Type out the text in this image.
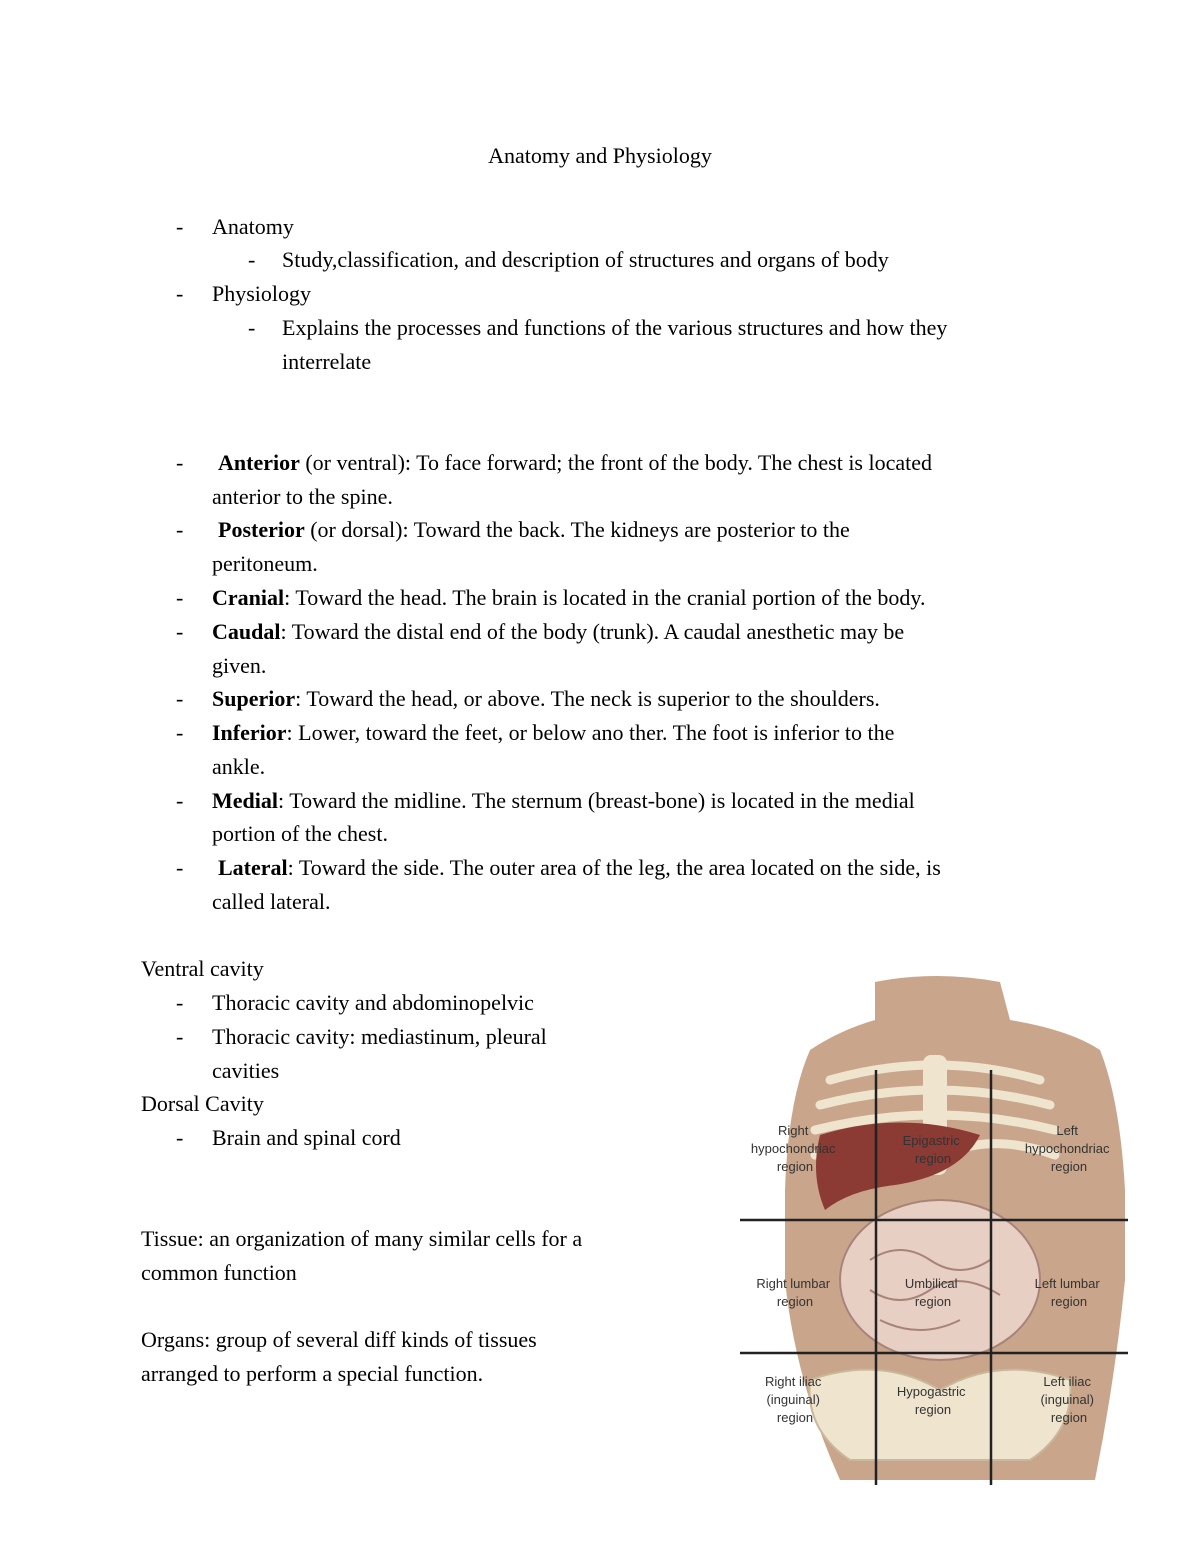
Anatomy and Physiology
-	Anatomy
-	Study,classification, and description of structures and organs of body
-	Physiology
-	Explains the processes and functions of the various structures and how they
interrelate
-	Anterior (or ventral): To face forward; the front of the body. The chest is located
anterior to the spine.
-	Posterior (or dorsal): Toward the back. The kidneys are posterior to the
peritoneum.
-	Cranial: Toward the head. The brain is located in the cranial portion of the body.
-	Caudal: Toward the distal end of the body (trunk). A caudal anesthetic may be
given.
-	Superior: Toward the head, or above. The neck is superior to the shoulders.
-	Inferior: Lower, toward the feet, or below ano ther. The foot is inferior to the
ankle.
-	Medial: Toward the midline. The sternum (breast-bone) is located in the medial
portion of the chest.
-	Lateral: Toward the side. The outer area of the leg, the area located on the side, is
called lateral.
Ventral cavity
-	Thoracic cavity and abdominopelvic
-	Thoracic cavity: mediastinum, pleural
cavities
Dorsal Cavity
-	Brain and spinal cord
Tissue: an organization of many similar cells for a
common function
Organs: group of several diff kinds of tissues
arranged to perform a special function.
Right hypochondriac region
Epigastric region
Left hypochondriac region
Right lumbar region
Umbilical region
Left lumbar region
Right iliac (inguinal) region
Hypogastric region
Left iliac (inguinal) region
